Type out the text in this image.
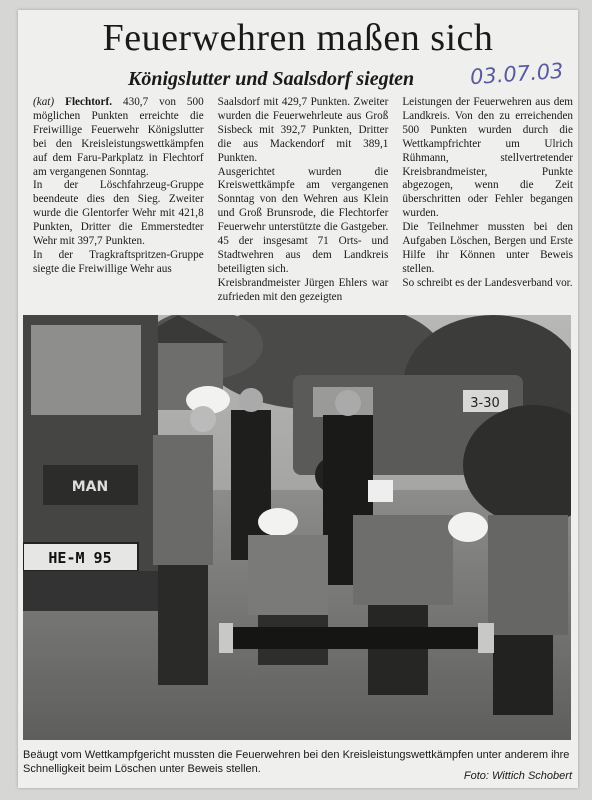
Feuerwehren maßen sich
Königslutter und Saalsdorf siegten	03.07.03

(kat) Flechtorf. 430,7 von 500 möglichen Punkten erreichte die Freiwillige Feuerwehr Königslutter bei den Kreisleistungswettkämpfen auf dem Faru-Parkplatz in Flechtorf am vergangenen Sonntag.

In der Löschfahrzeug-Gruppe beendeute dies den Sieg. Zweiter wurde die Glentorfer Wehr mit 421,8 Punkten, Dritter die Emmerstedter Wehr mit 397,7 Punkten.

In der Tragkraftspritzen-Gruppe siegte die Freiwillige Wehr aus

Saalsdorf mit 429,7 Punkten. Zweiter wurden die Feuerwehrleute aus Groß Sisbeck mit 392,7 Punkten, Dritter die aus Mackendorf mit 389,1 Punkten.

Ausgerichtet wurden die Kreiswettkämpfe am vergangenen Sonntag von den Wehren aus Klein und Groß Brunsrode, die Flechtorfer Feuerwehr unterstützte die Gastgeber. 45 der insgesamt 71 Orts- und Stadtwehren aus dem Landkreis beteiligten sich.

Kreisbrandmeister Jürgen Ehlers war zufrieden mit den gezeigten

Leistungen der Feuerwehren aus dem Landkreis. Von den zu erreichenden 500 Punkten wurden durch die Wettkampfrichter um Ulrich Rühmann, stellvertretender Kreisbrandmeister, Punkte abgezogen, wenn die Zeit überschritten oder Fehler begangen wurden.

Die Teilnehmer mussten bei den Aufgaben Löschen, Bergen und Erste Hilfe ihr Können unter Beweis stellen.

So schreibt es der Landesverband vor.

3-30
MAN
HE-M 95
Beäugt vom Wettkampfgericht mussten die Feuerwehren bei den Kreisleistungswettkämpfen unter anderem ihre Schnelligkeit beim Löschen unter Beweis stellen.
Foto: Wittich Schobert
